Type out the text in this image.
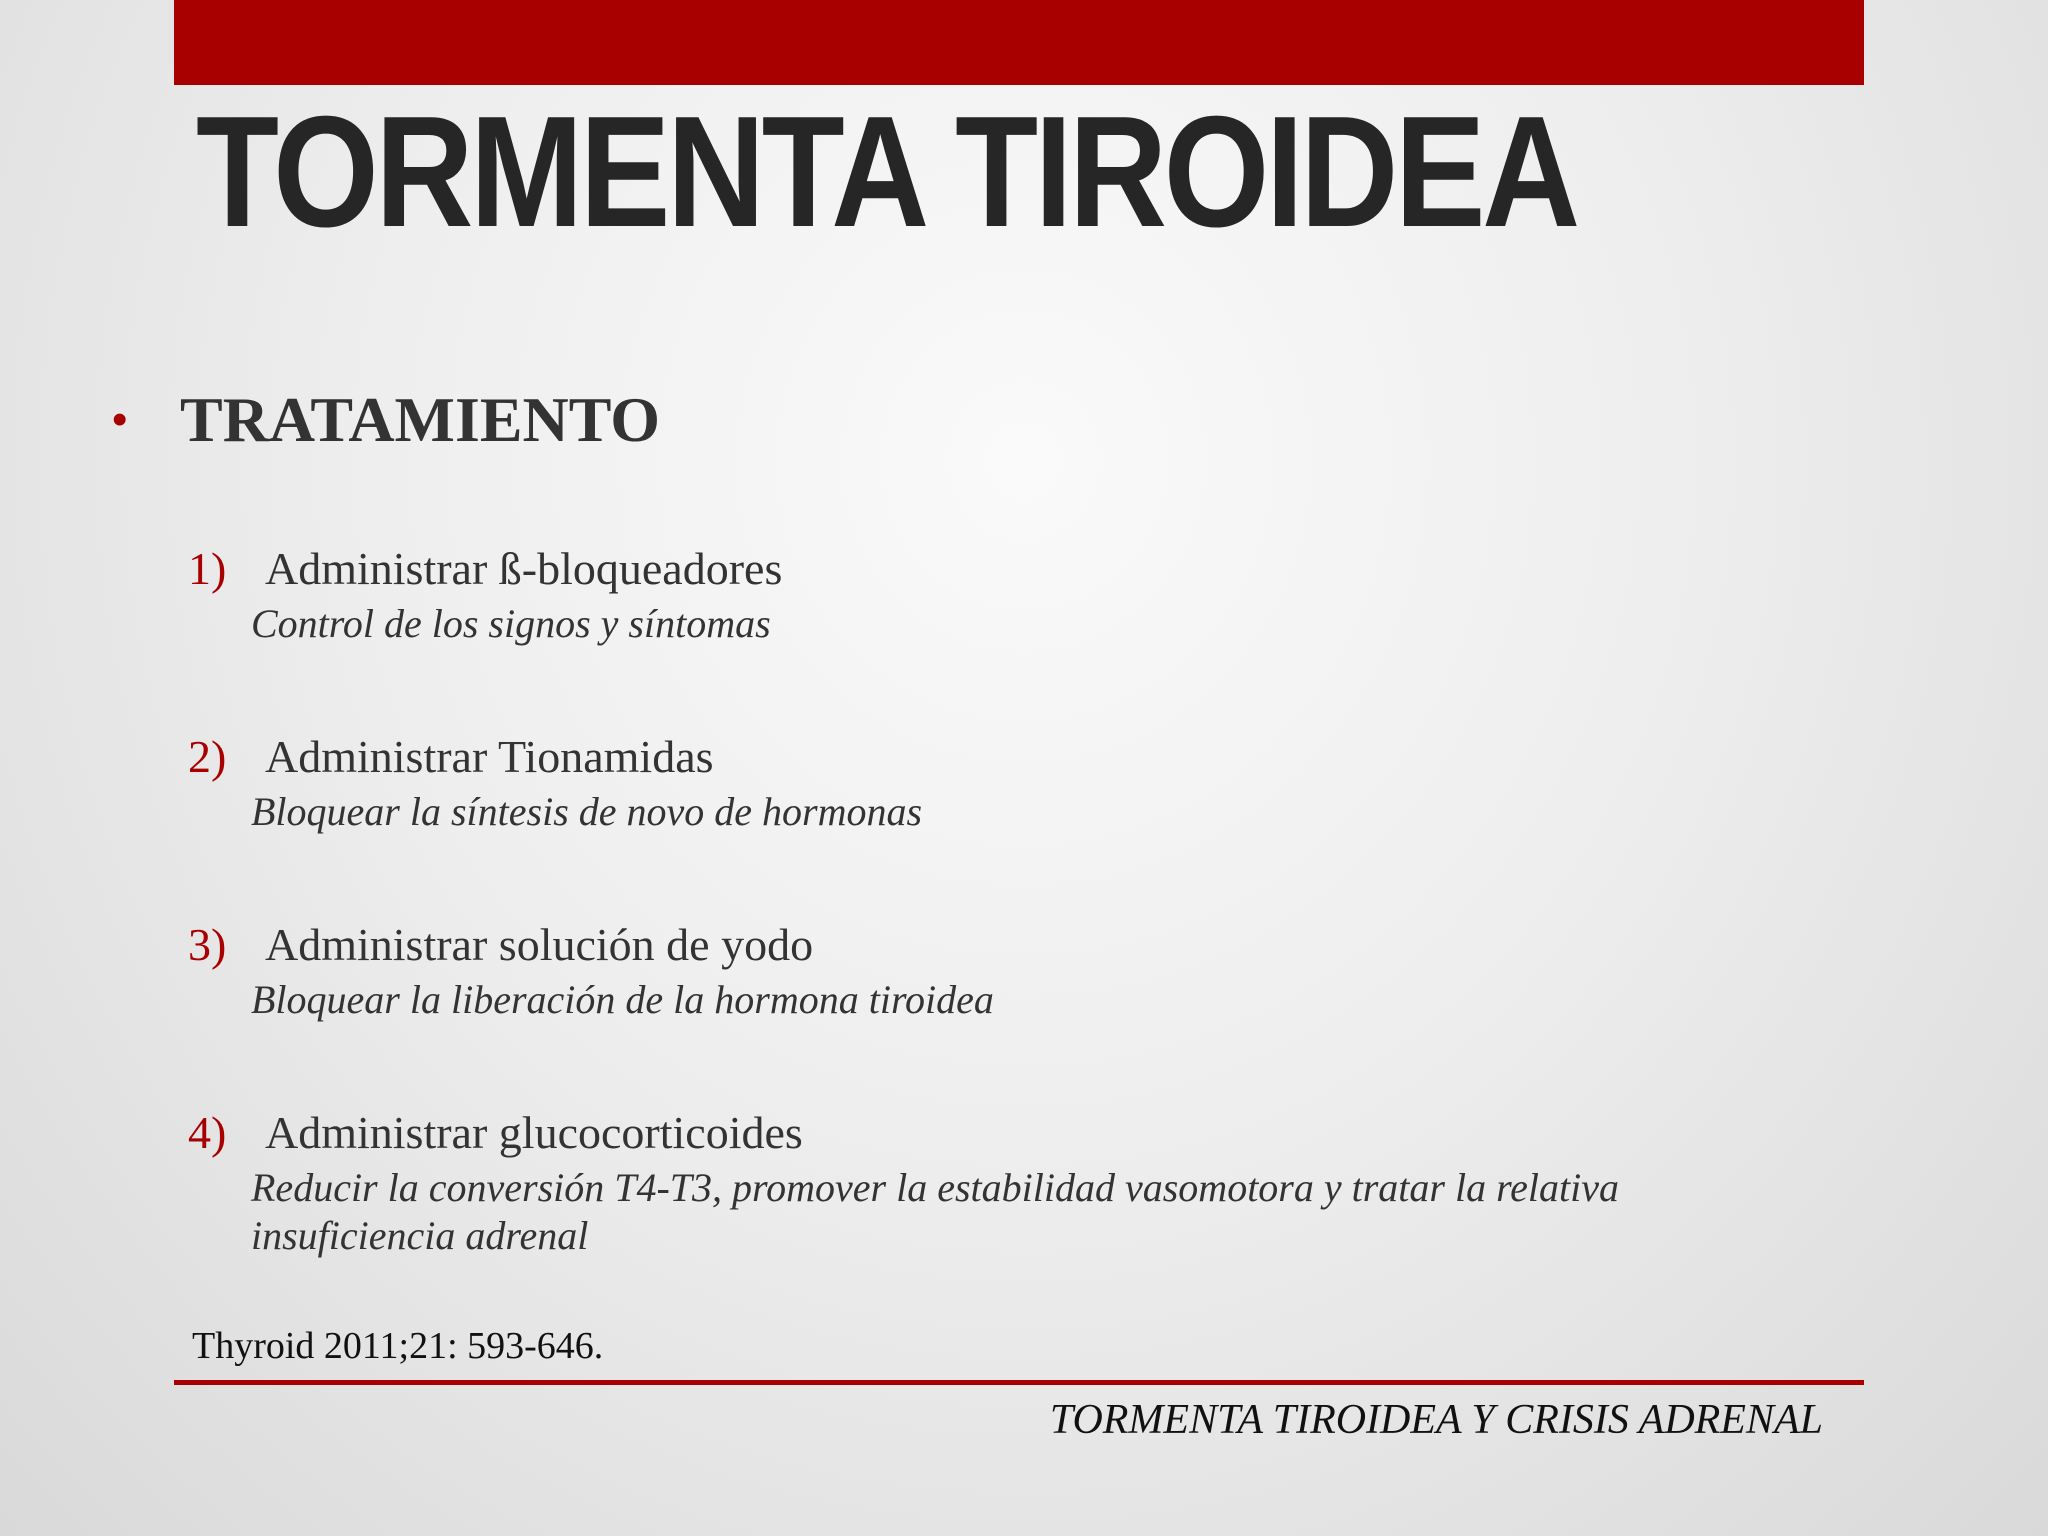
TORMENTA TIROIDEA
• TRATAMIENTO
1) Administrar ß-bloqueadores
Control de los signos y síntomas
2) Administrar Tionamidas
Bloquear la síntesis de novo de hormonas
3) Administrar solución de yodo
Bloquear la liberación de la hormona tiroidea
4) Administrar glucocorticoides
Reducir la conversión T4-T3, promover la estabilidad vasomotora y tratar la relativa insuficiencia adrenal
Thyroid 2011;21: 593-646.
TORMENTA TIROIDEA Y CRISIS ADRENAL
